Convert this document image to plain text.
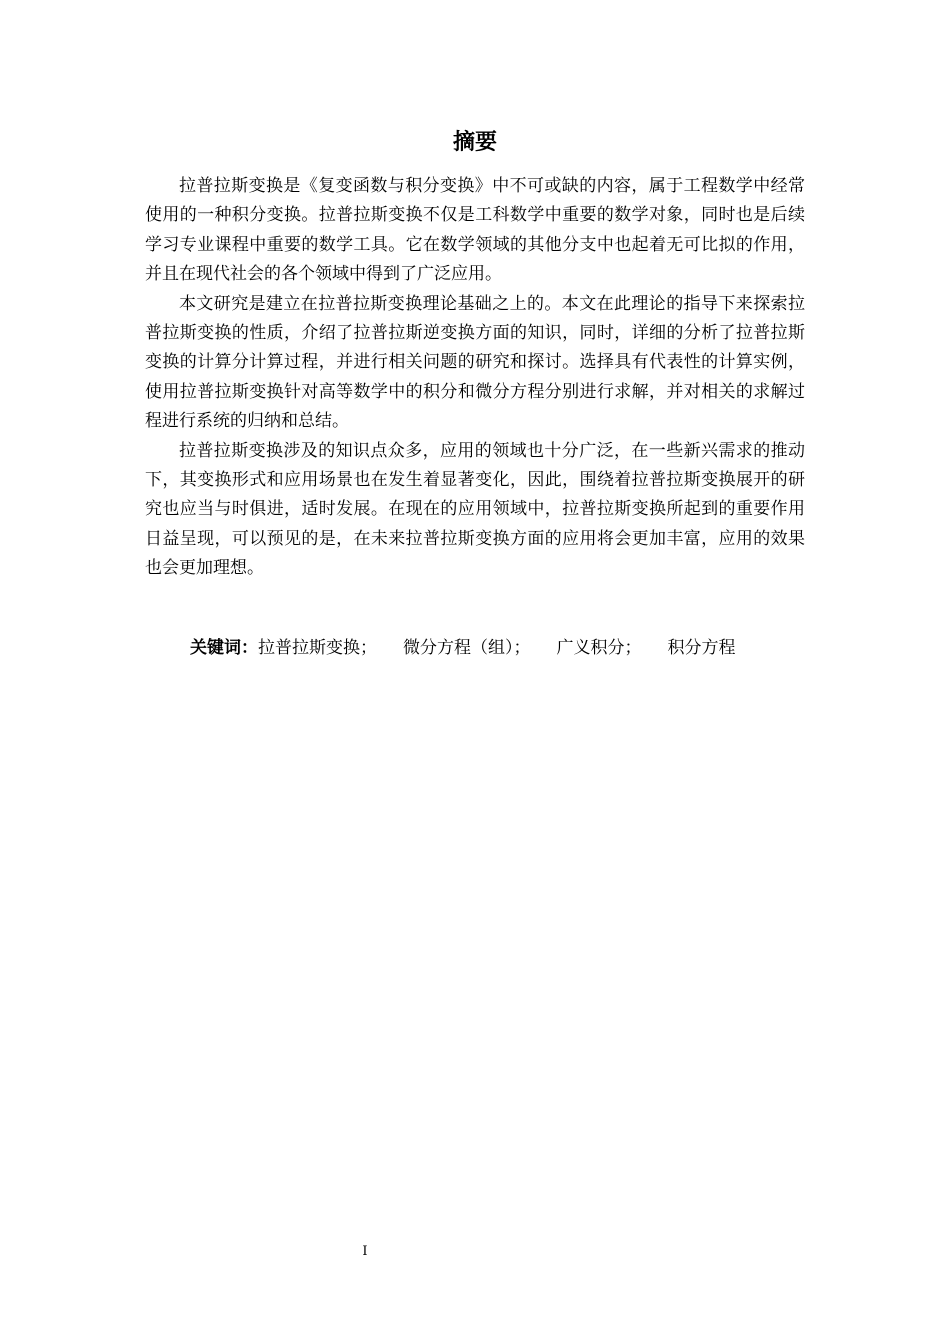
摘要

拉普拉斯变换是《复变函数与积分变换》中不可或缺的内容，属于工程数学中经常使用的一种积分变换。拉普拉斯变换不仅是工科数学中重要的数学对象，同时也是后续学习专业课程中重要的数学工具。它在数学领域的其他分支中也起着无可比拟的作用，并且在现代社会的各个领域中得到了广泛应用。

本文研究是建立在拉普拉斯变换理论基础之上的。本文在此理论的指导下来探索拉普拉斯变换的性质，介绍了拉普拉斯逆变换方面的知识，同时，详细的分析了拉普拉斯变换的计算分计算过程，并进行相关问题的研究和探讨。选择具有代表性的计算实例，使用拉普拉斯变换针对高等数学中的积分和微分方程分别进行求解，并对相关的求解过程进行系统的归纳和总结。

拉普拉斯变换涉及的知识点众多，应用的领域也十分广泛，在一些新兴需求的推动下，其变换形式和应用场景也在发生着显著变化，因此，围绕着拉普拉斯变换展开的研究也应当与时俱进，适时发展。在现在的应用领域中，拉普拉斯变换所起到的重要作用日益呈现，可以预见的是，在未来拉普拉斯变换方面的应用将会更加丰富，应用的效果也会更加理想。

关键词：拉普拉斯变换； 微分方程（组）； 广义积分； 积分方程
I
